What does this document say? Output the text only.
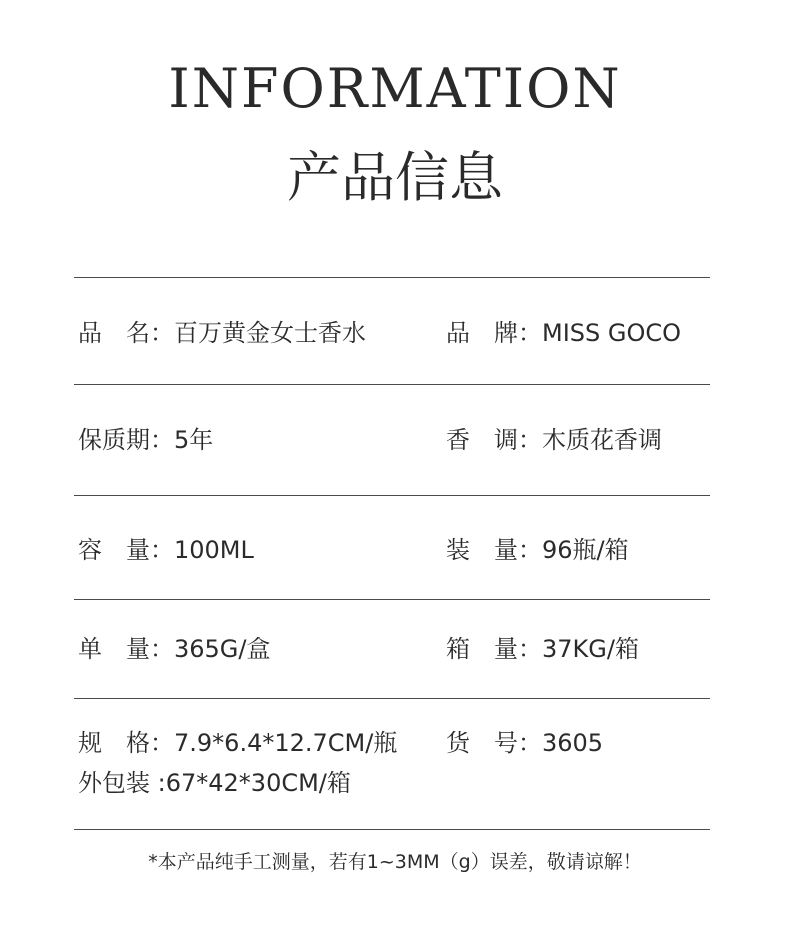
INFORMATION
产品信息
品　名：百万黄金女士香水	品　牌：MISS GOCO
保质期：5年	香　调：木质花香调
容　量：100ML	装　量：96瓶/箱
单　量：365G/盒	箱　量：37KG/箱
规　格：7.9*6.4*12.7CM/瓶 货　号：3605
外包装 :67*42*30CM/箱
*本产品纯手工测量，若有1~3MM（g）误差，敬请谅解！
